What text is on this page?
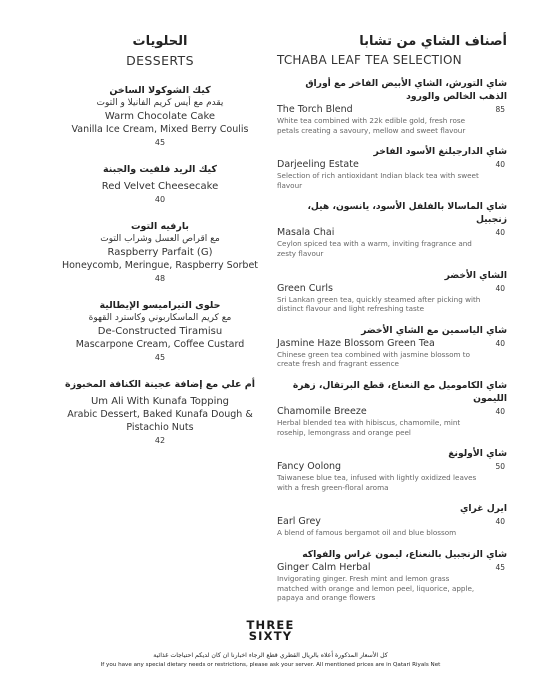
الحلويات
DESSERTS
كيك الشوكولا الساخن
يقدم مع أيس كريم الفانيلا و التوت
Warm Chocolate Cake
Vanilla Ice Cream, Mixed Berry Coulis
45
كيك الريد فلفيت والجبنة
Red Velvet Cheesecake
40
بارفيه التوت
مع اقراص العسل وشراب التوت
Raspberry Parfait (G)
Honeycomb, Meringue, Raspberry Sorbet
48
حلوى التيراميسو الإيطالية
مع كريم الماسكاربوني وكاسترد القهوة
De-Constructed Tiramisu
Mascarpone Cream, Coffee Custard
45
أم علي مع إضافة عجينة الكنافة المخبوزة
Um Ali With Kunafa Topping
Arabic Dessert, Baked Kunafa Dough & Pistachio Nuts
42
أصناف الشاي من تشابا
TCHABA LEAF TEA SELECTION
شاي التورش، الشاي الأبيض الفاخر مع أوراق الذهب الخالص والورود
The Torch Blend	85
White tea combined with 22k edible gold, fresh rose petals creating a savoury, mellow and sweet flavour
شاي الدارجيلنغ الأسود الفاخر
Darjeeling Estate	40
Selection of rich antioxidant Indian black tea with sweet flavour
شاي الماسالا بالفلفل الأسود، يانسون، هيل، زنجبيل
Masala Chai	40
Ceylon spiced tea with a warm, inviting fragrance and zesty flavour
الشاي الأخضر
Green Curls	40
Sri Lankan green tea, quickly steamed after picking with distinct flavour and light refreshing taste
شاي الياسمين مع الشاي الأخضر
Jasmine Haze Blossom Green Tea	40
Chinese green tea combined with jasmine blossom to create fresh and fragrant essence
شاي الكاموميل مع النعناع، قطع البرتقال، زهرة الليمون
Chamomile Breeze	40
Herbal blended tea with hibiscus, chamomile, mint rosehip, lemongrass and orange peel
شاي الأولونغ
Fancy Oolong	50
Taiwanese blue tea, infused with lightly oxidized leaves with a fresh green-floral aroma
ايرل غراي
Earl Grey	40
A blend of famous bergamot oil and blue blossom
شاي الزنجبيل بالنعناع، ليمون غراس والفواكه
Ginger Calm Herbal	45
Invigorating ginger. Fresh mint and lemon grass matched with orange and lemon peel, liquorice, apple, papaya and orange flowers
THREE
SIXTY
كل الأسعار المذكورة أعلاه بالريال القطري قطع الرجاء اخبارنا ان كان لديكم احتياجات غذائية
If you have any special dietary needs or restrictions, please ask your server. All mentioned prices are in Qatari Riyals Net
